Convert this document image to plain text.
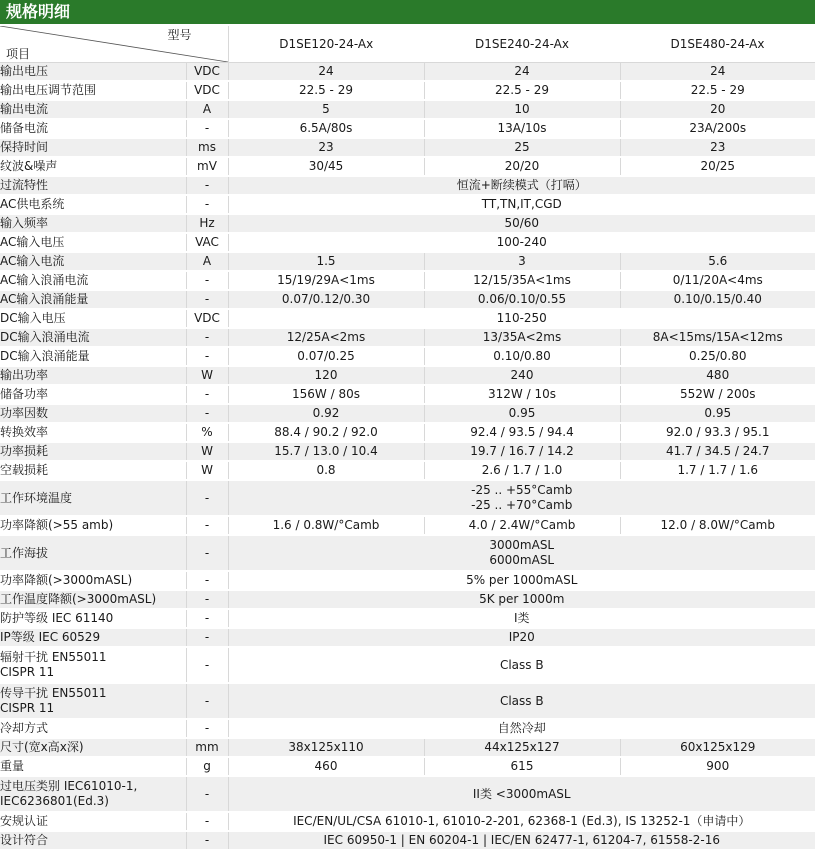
规格明细
型号
项目		D1SE120-24-Ax	D1SE240-24-Ax	D1SE480-24-Ax

输出电压	VDC	24	24	24

输出电压调节范围	VDC	22.5 - 29	22.5 - 29	22.5 - 29

输出电流	A	5	10	20

储备电流	-	6.5A/80s	13A/10s	23A/200s

保持时间	ms	23	25	23

纹波&噪声	mV	30/45	20/20	20/25

过流特性	-	恒流+断续模式（打嗝）		

AC供电系统	-	TT,TN,IT,CGD		

输入频率	Hz	50/60		

AC输入电压	VAC	100-240		

AC输入电流	A	1.5	3	5.6

AC输入浪涌电流	-	15/19/29A<1ms	12/15/35A<1ms	0/11/20A<4ms

AC输入浪涌能量	-	0.07/0.12/0.30	0.06/0.10/0.55	0.10/0.15/0.40

DC输入电压	VDC	110-250		

DC输入浪涌电流	-	12/25A<2ms	13/35A<2ms	8A<15ms/15A<12ms

DC输入浪涌能量	-	0.07/0.25	0.10/0.80	0.25/0.80

输出功率	W	120	240	480

储备功率	-	156W / 80s	312W / 10s	552W / 200s

功率因数	-	0.92	0.95	0.95

转换效率	%	88.4 / 90.2 / 92.0	92.4 / 93.5 / 94.4	92.0 / 93.3 / 95.1

功率损耗	W	15.7 / 13.0 / 10.4	19.7 / 16.7 / 14.2	41.7 / 34.5 / 24.7

空载损耗	W	0.8	2.6 / 1.7 / 1.0	1.7 / 1.7 / 1.6

工作环境温度	-	-25 .. +55°Camb
-25 .. +70°Camb		

功率降额(>55 amb)	-	1.6 / 0.8W/°Camb	4.0 / 2.4W/°Camb	12.0 / 8.0W/°Camb

工作海拔	-	3000mASL
6000mASL		

功率降额(>3000mASL)	-	5% per 1000mASL		

工作温度降额(>3000mASL)	-	5K per 1000m		

防护等级 IEC 61140	-	I类		

IP等级 IEC 60529	-	IP20		

辐射干扰 EN55011
CISPR 11	-	Class B		

传导干扰 EN55011
CISPR 11	-	Class B		

冷却方式	-	自然冷却		

尺寸(宽x高x深)	mm	38x125x110	44x125x127	60x125x129

重量	g	460	615	900

过电压类别 IEC61010-1,
IEC6236801(Ed.3)	-	II类 <3000mASL		

安规认证	-	IEC/EN/UL/CSA 61010-1, 61010-2-201, 62368-1 (Ed.3), IS 13252-1（申请中）		

设计符合	-	IEC 60950-1 | EN 60204-1 | IEC/EN 62477-1, 61204-7, 61558-2-16		
